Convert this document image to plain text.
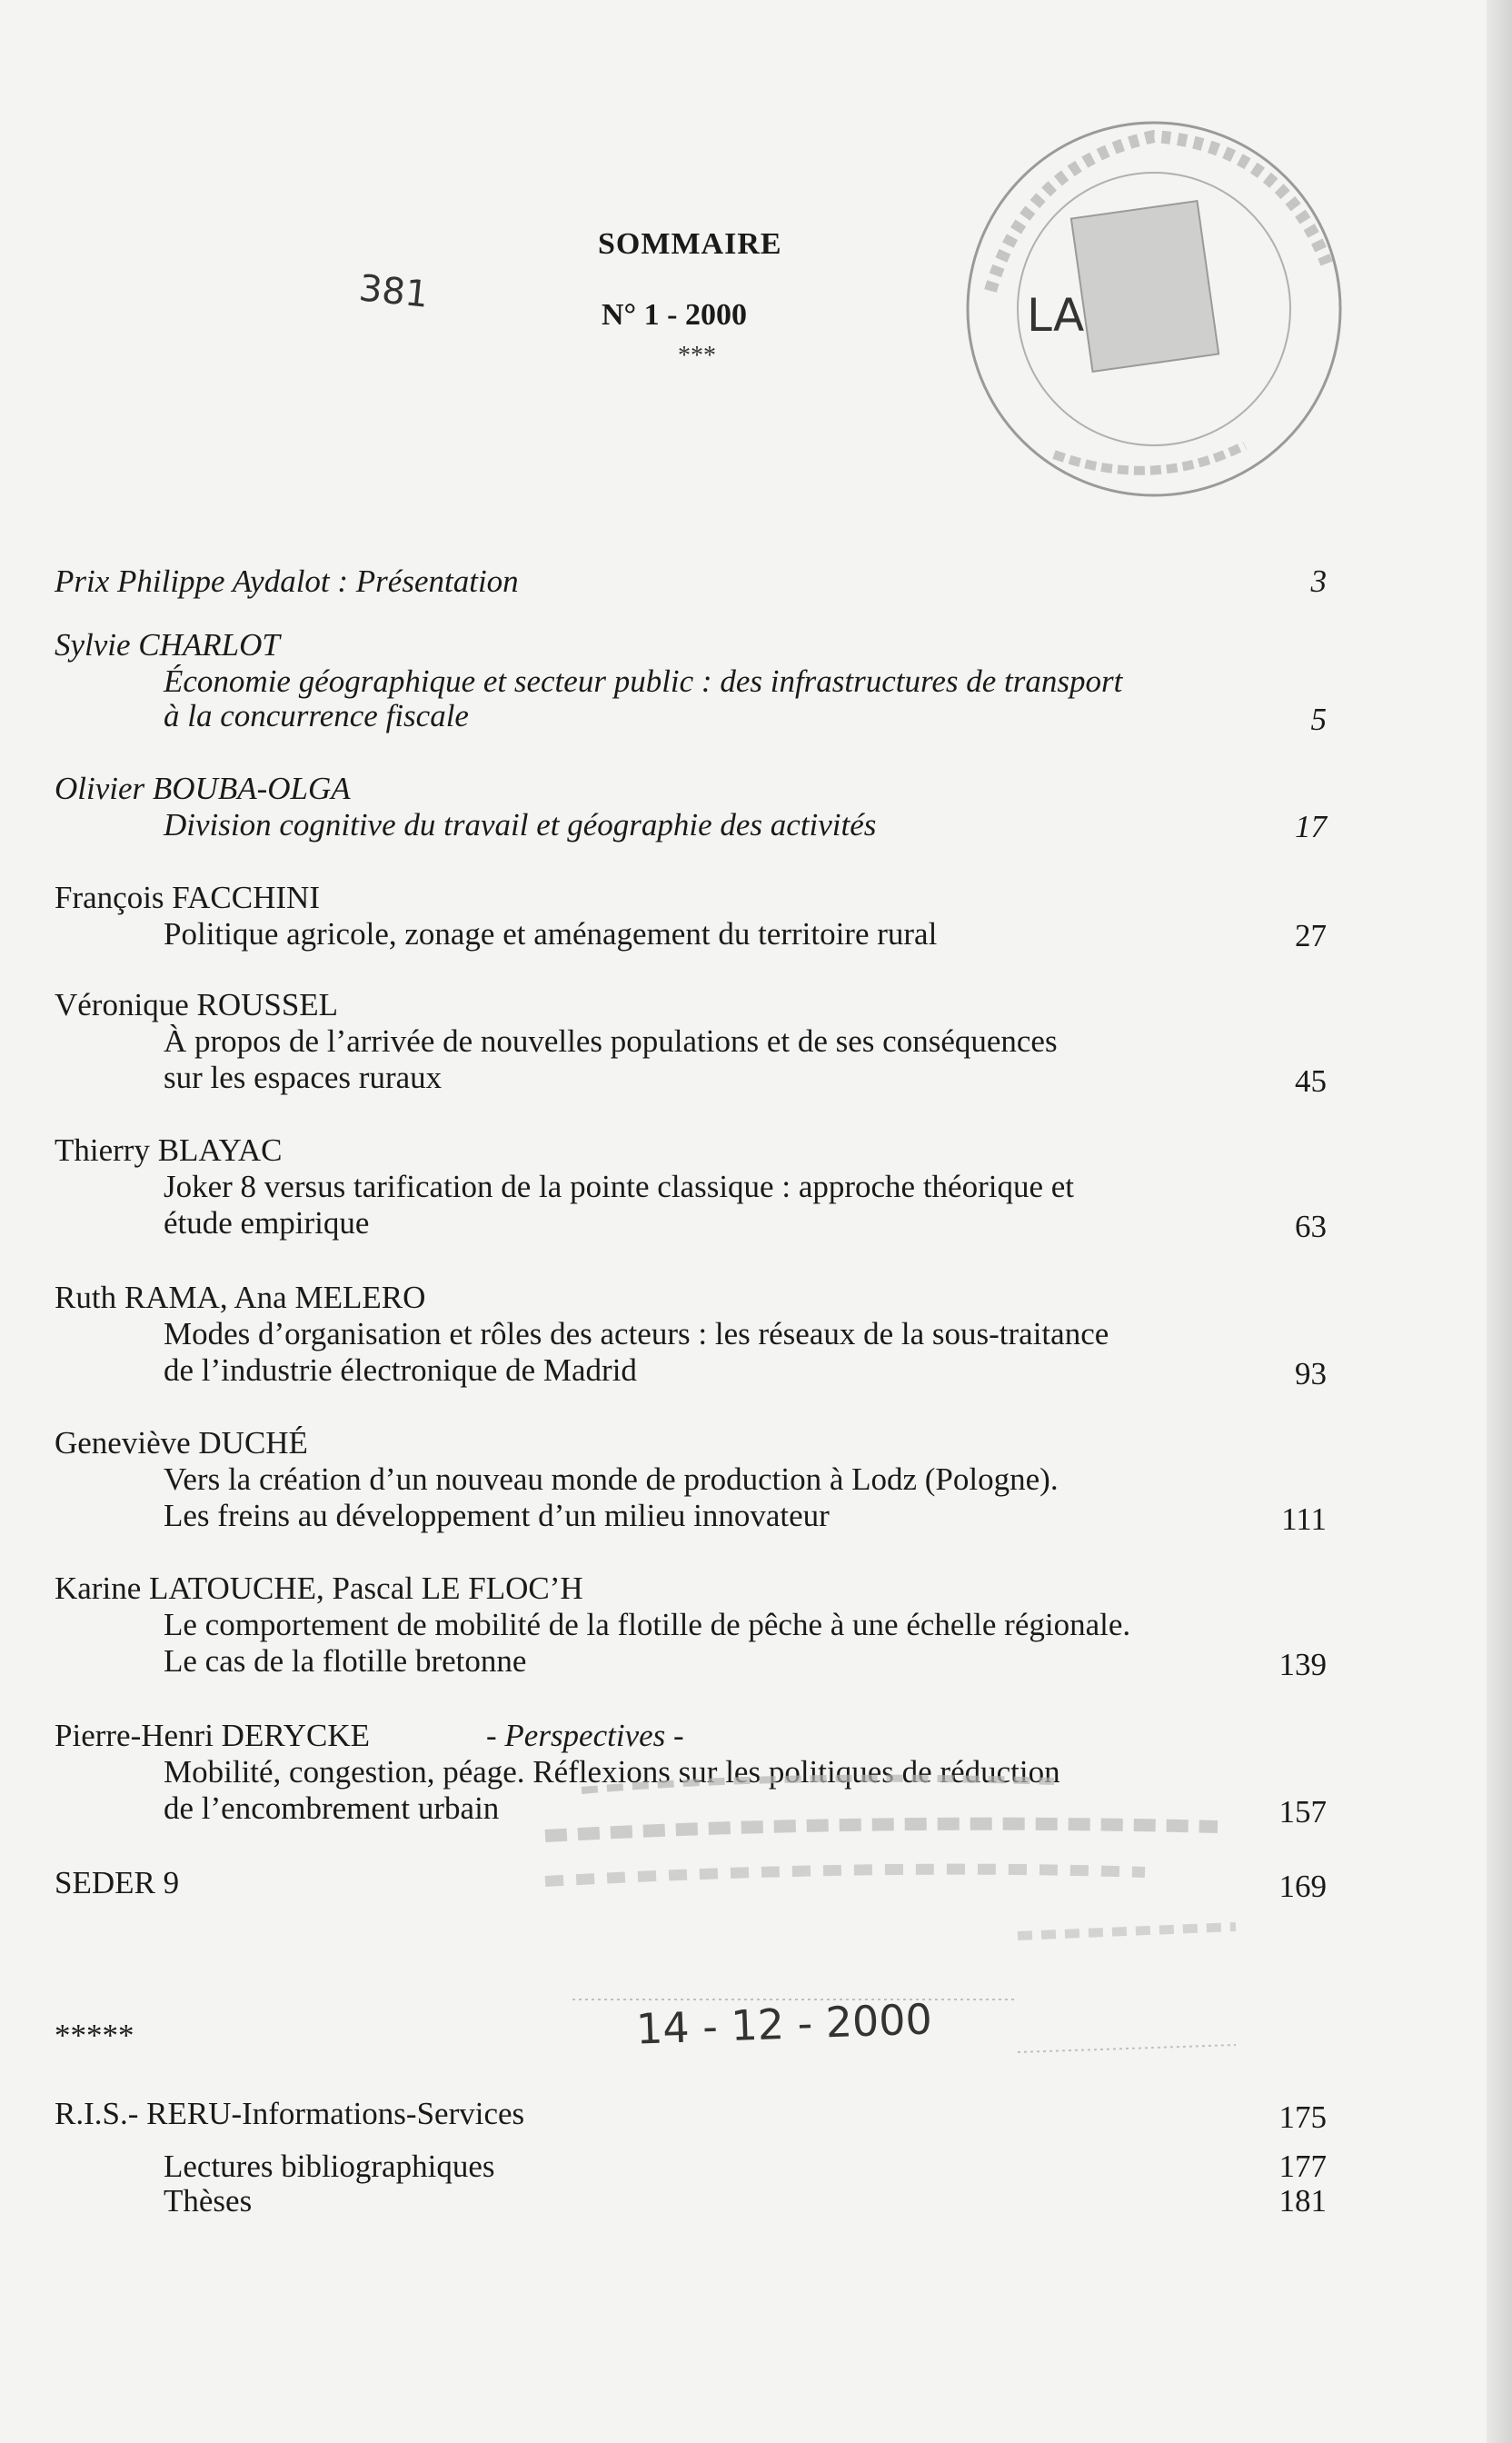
SOMMAIRE
N° 1 - 2000
***
381	LA
Prix Philippe Aydalot : Présentation	3
Sylvie CHARLOT
Économie géographique et secteur public : des infrastructures de transport
à la concurrence fiscale	5
Olivier BOUBA-OLGA
Division cognitive du travail et géographie des activités	17
François FACCHINI
Politique agricole, zonage et aménagement du territoire rural	27
Véronique ROUSSEL
À propos de l’arrivée de nouvelles populations et de ses conséquences
sur les espaces ruraux	45
Thierry BLAYAC
Joker 8 versus tarification de la pointe classique : approche théorique et
étude empirique	63
Ruth RAMA, Ana MELERO
Modes d’organisation et rôles des acteurs : les réseaux de la sous-traitance
de l’industrie électronique de Madrid	93
Geneviève DUCHÉ
Vers la création d’un nouveau monde de production à Lodz (Pologne).
Les freins au développement d’un milieu innovateur	111
Karine LATOUCHE, Pascal LE FLOC’H
Le comportement de mobilité de la flotille de pêche à une échelle régionale.
Le cas de la flotille bretonne	139
Pierre-Henri DERYCKE	- Perspectives -
Mobilité, congestion, péage. Réflexions sur les politiques de réduction
de l’encombrement urbain	157
SEDER 9	169
*****	14 - 12 - 2000
R.I.S.- RERU-Informations-Services	175
Lectures bibliographiques	177
Thèses	181
